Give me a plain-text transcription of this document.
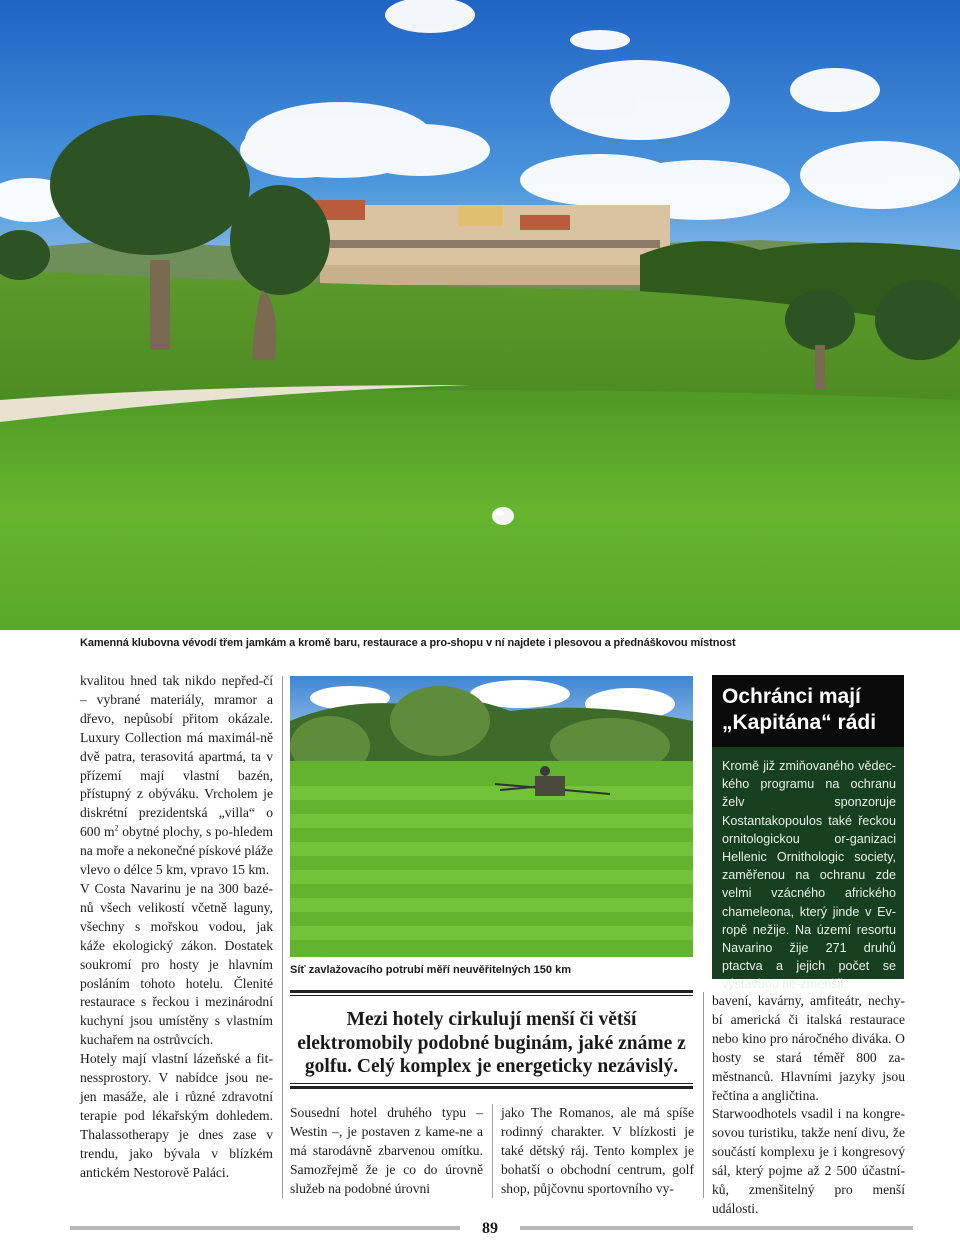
Kamenná klubovna vévodí třem jamkám a kromě baru, restaurace a pro-shopu v ní najdete i plesovou a přednáškovou místnost

kvalitou hned tak nikdo nepřed-čí – vybrané materiály, mramor a dřevo, nepůsobí přitom okázale. Luxury Collection má maximál-ně dvě patra, terasovitá apartmá, ta v přízemí mají vlastní bazén, přístupný z obýváku. Vrcholem je diskrétní prezidentská „villa“ o 600 $m^2$ obytné plochy, s po-hledem na moře a nekonečné pískové pláže vlevo o délce 5 km, vpravo 15 km.

V Costa Navarinu je na 300 bazé-nů všech velikostí včetně laguny, všechny s mořskou vodou, jak káže ekologický zákon. Dostatek soukromí pro hosty je hlavním posláním tohoto hotelu. Členité restaurace s řeckou i mezinárodní kuchyní jsou umístěny s vlastním kuchařem na ostrůvcích.

Hotely mají vlastní lázeňské a fit-nessprostory. V nabídce jsou ne-jen masáže, ale i různé zdravotní terapie pod lékařským dohledem. Thalassotherapy je dnes zase v trendu, jako bývala v blízkém antickém Nestorově Paláci.

Síť zavlažovacího potrubí měří neuvěřitelných 150 km
Mezi hotely cirkulují menší či větší elektromobily podobné buginám, jaké známe z golfu. Celý komplex je energeticky nezávislý.

Sousední hotel druhého typu – Westin –, je postaven z kame-ne a má starodávně zbarvenou omítku. Samozřejmě že je co do úrovně služeb na podobné úrovni

jako The Romanos, ale má spíše rodinný charakter. V blízkosti je také dětský ráj. Tento komplex je bohatší o obchodní centrum, golf shop, půjčovnu sportovního vy-

Ochránci mají „Kapitána“ rádi
Kromě již zmiňovaného vědec-kého programu na ochranu želv sponzoruje Kostantakopoulos také řeckou ornitologickou or-ganizaci Hellenic Ornithologic society, zaměřenou na ochranu zde velmi vzácného afrického chameleona, který jinde v Ev-ropě nežije. Na území resortu Navarino žije 271 druhů ptactva a jejich počet se výstavbou ne-zmenšil.

bavení, kavárny, amfiteátr, nechy-bí americká či italská restaurace nebo kino pro náročného diváka. O hosty se stará téměř 800 za-městnanců. Hlavními jazyky jsou řečtina a angličtina.

Starwoodhotels vsadil i na kongre-sovou turistiku, takže není divu, že součástí komplexu je i kongresový sál, který pojme až 2 500 účastní-ků, zmenšitelný pro menší události.

89
